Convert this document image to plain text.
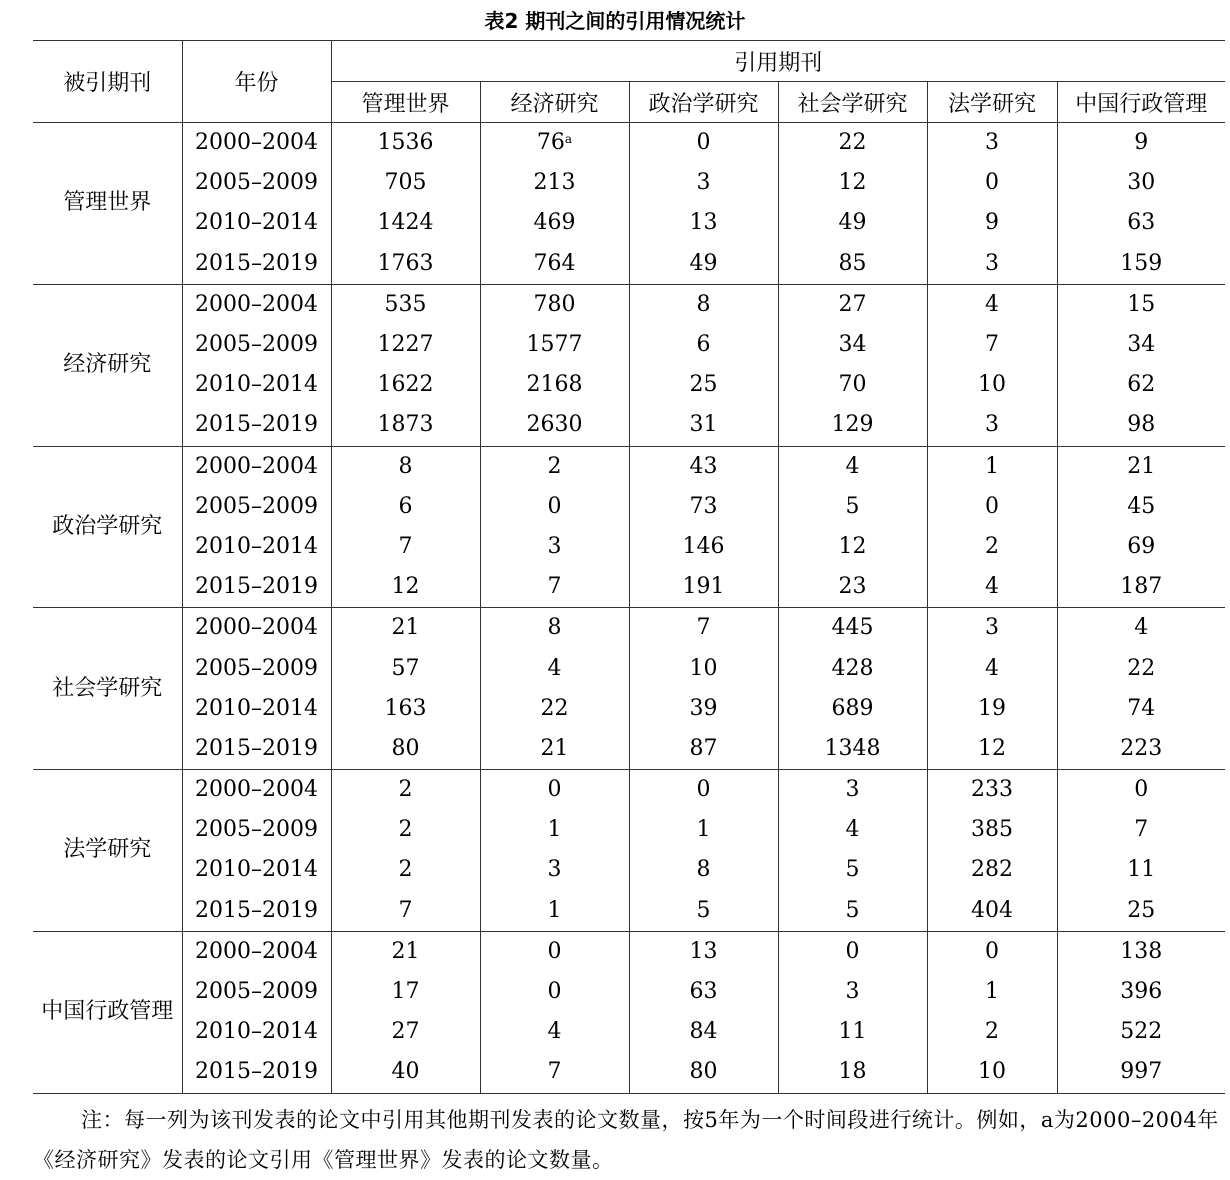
表2 期刊之间的引用情况统计
被引期刊	年份	引用期刊					
		管理世界	经济研究	政治学研究	社会学研究	法学研究	中国行政管理
管理世界	2000–2004	1536	76$^a$	0	22	3	9
	2005–2009	705	213	3	12	0	30
	2010–2014	1424	469	13	49	9	63
	2015–2019	1763	764	49	85	3	159
经济研究	2000–2004	535	780	8	27	4	15
	2005–2009	1227	1577	6	34	7	34
	2010–2014	1622	2168	25	70	10	62
	2015–2019	1873	2630	31	129	3	98
政治学研究	2000–2004	8	2	43	4	1	21
	2005–2009	6	0	73	5	0	45
	2010–2014	7	3	146	12	2	69
	2015–2019	12	7	191	23	4	187
社会学研究	2000–2004	21	8	7	445	3	4
	2005–2009	57	4	10	428	4	22
	2010–2014	163	22	39	689	19	74
	2015–2019	80	21	87	1348	12	223
法学研究	2000–2004	2	0	0	3	233	0
	2005–2009	2	1	1	4	385	7
	2010–2014	2	3	8	5	282	11
	2015–2019	7	1	5	5	404	25
中国行政管理	2000–2004	21	0	13	0	0	138
	2005–2009	17	0	63	3	1	396
	2010–2014	27	4	84	11	2	522
	2015–2019	40	7	80	18	10	997
注：每一列为该刊发表的论文中引用其他期刊发表的论文数量，按5年为一个时间段进行统计。例如，a为2000–2004年《经济研究》发表的论文引用《管理世界》发表的论文数量。
